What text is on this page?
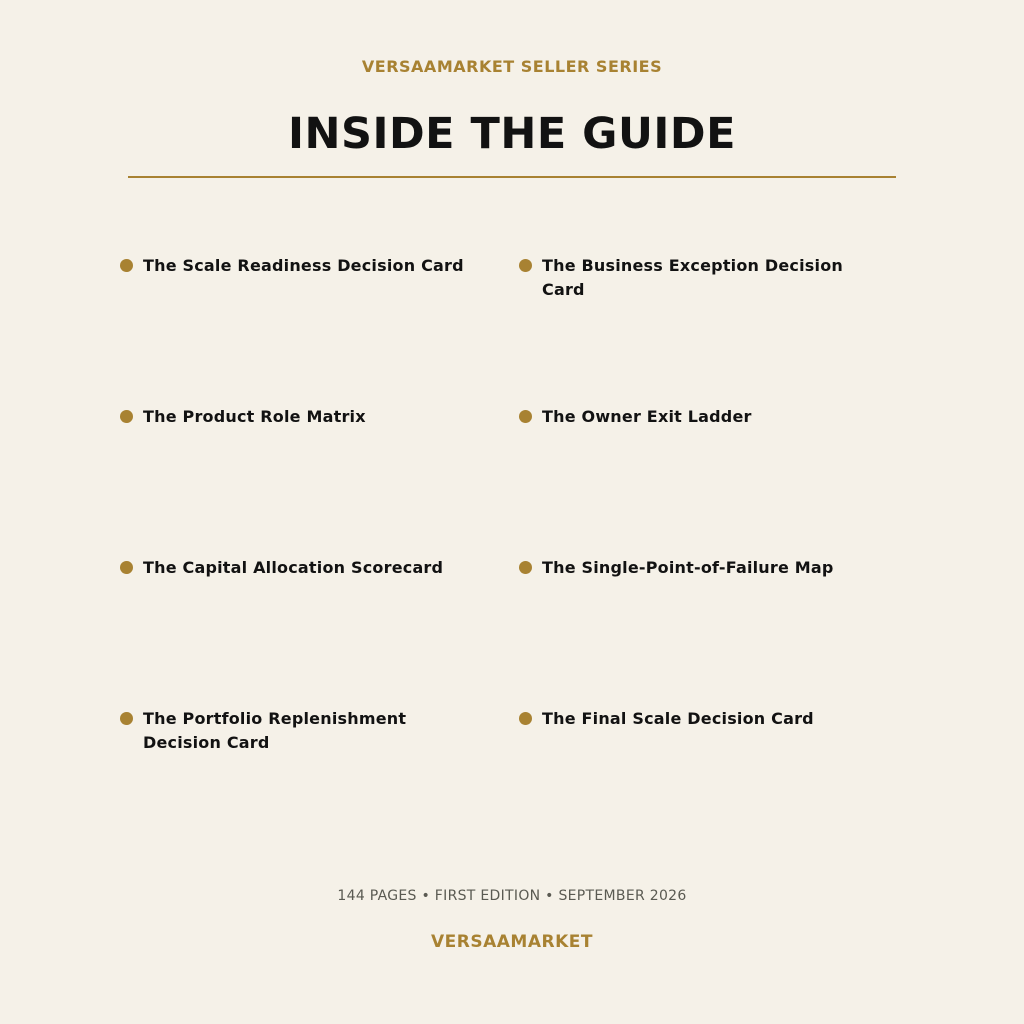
VERSAAMARKET SELLER SERIES
INSIDE THE GUIDE
The Scale Readiness Decision Card	The Business Exception Decision Card
The Product Role Matrix	The Owner Exit Ladder
The Capital Allocation Scorecard	The Single-Point-of-Failure Map
The Portfolio Replenishment Decision Card
The Final Scale Decision Card
144 PAGES • FIRST EDITION • SEPTEMBER 2026
VERSAAMARKET
